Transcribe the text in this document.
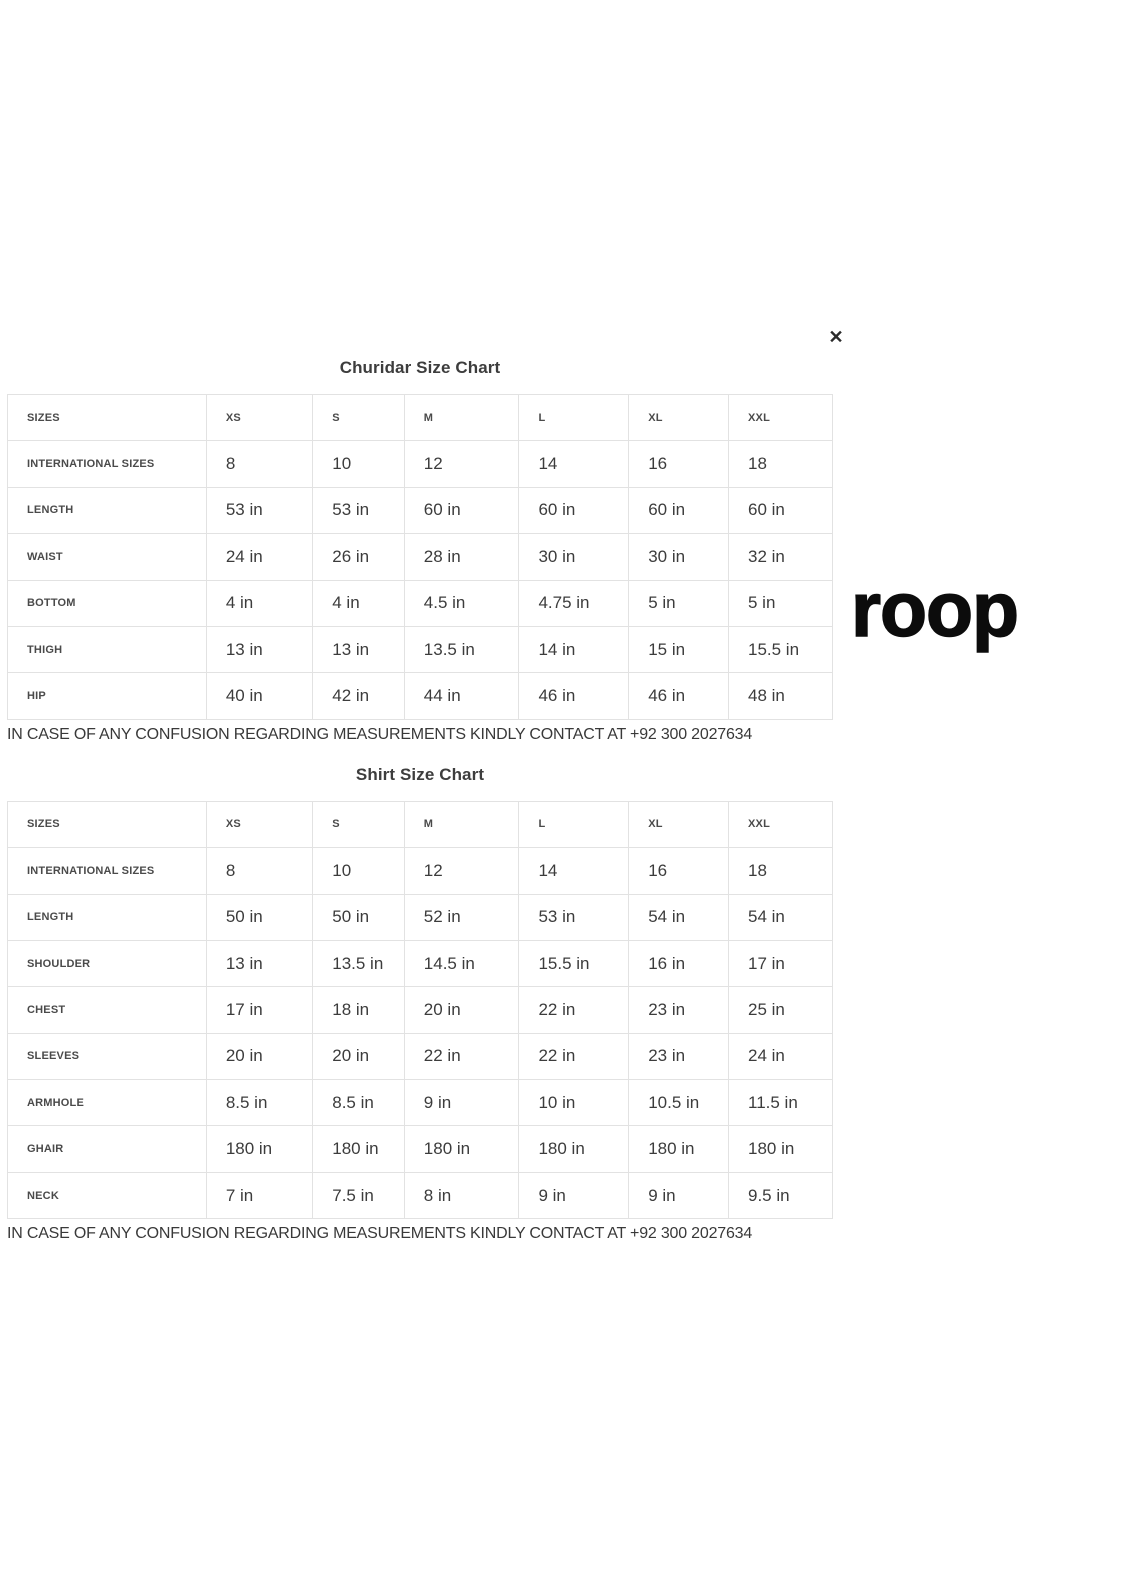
✕
Churidar Size Chart
SIZES	XS	S	M	L	XL	XXL
INTERNATIONAL SIZES	8	10	12	14	16	18
LENGTH	53 in	53 in	60 in	60 in	60 in	60 in
WAIST	24 in	26 in	28 in	30 in	30 in	32 in
BOTTOM	4 in	4 in	4.5 in	4.75 in	5 in	5 in
THIGH	13 in	13 in	13.5 in	14 in	15 in	15.5 in
HIP	40 in	42 in	44 in	46 in	46 in	48 in

IN CASE OF ANY CONFUSION REGARDING MEASUREMENTS KINDLY CONTACT AT +92 300 2027634

Shirt Size Chart
SIZES	XS	S	M	L	XL	XXL
INTERNATIONAL SIZES	8	10	12	14	16	18
LENGTH	50 in	50 in	52 in	53 in	54 in	54 in
SHOULDER	13 in	13.5 in	14.5 in	15.5 in	16 in	17 in
CHEST	17 in	18 in	20 in	22 in	23 in	25 in
SLEEVES	20 in	20 in	22 in	22 in	23 in	24 in
ARMHOLE	8.5 in	8.5 in	9 in	10 in	10.5 in	11.5 in
GHAIR	180 in	180 in	180 in	180 in	180 in	180 in
NECK	7 in	7.5 in	8 in	9 in	9 in	9.5 in

IN CASE OF ANY CONFUSION REGARDING MEASUREMENTS KINDLY CONTACT AT +92 300 2027634

roop
